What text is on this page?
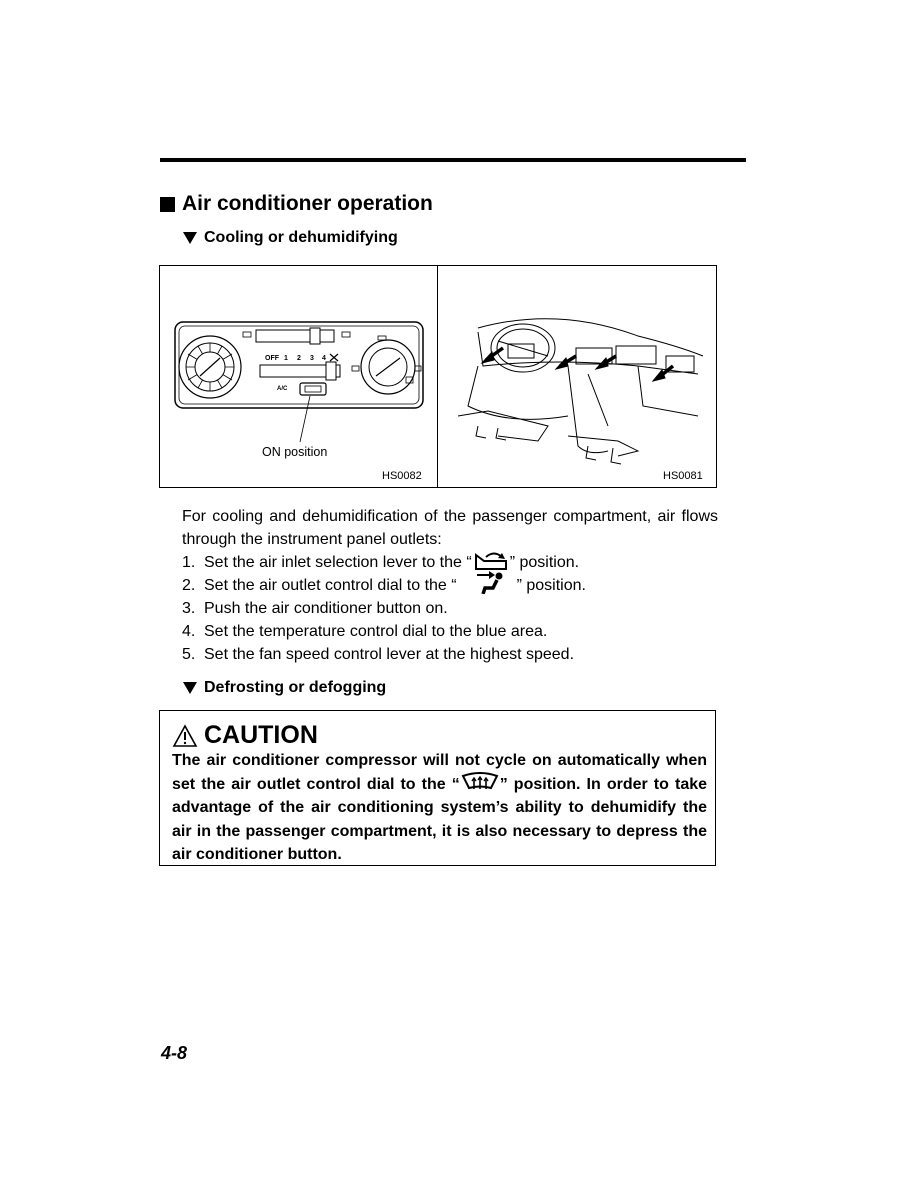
Air conditioner operation
Cooling or dehumidifying
OFF 1 2 3 4
A/C
ON position
HS0082	HS0081

For cooling and dehumidification of the passenger compartment, air flows through the instrument panel outlets:

1. Set the air inlet selection lever to the “ ” position.
2. Set the air outlet control dial to the “	” position.
3. Push the air conditioner button on.
4. Set the temperature control dial to the blue area.
5. Set the fan speed control lever at the highest speed.
Defrosting or defogging
CAUTION

The air conditioner compressor will not cycle on automatically when set the air outlet control dial to the “	” position. In order to take advantage of the air conditioning system’s ability to dehumidify the air in the passenger compartment, it is also necessary to depress the air conditioner button.

4-8
